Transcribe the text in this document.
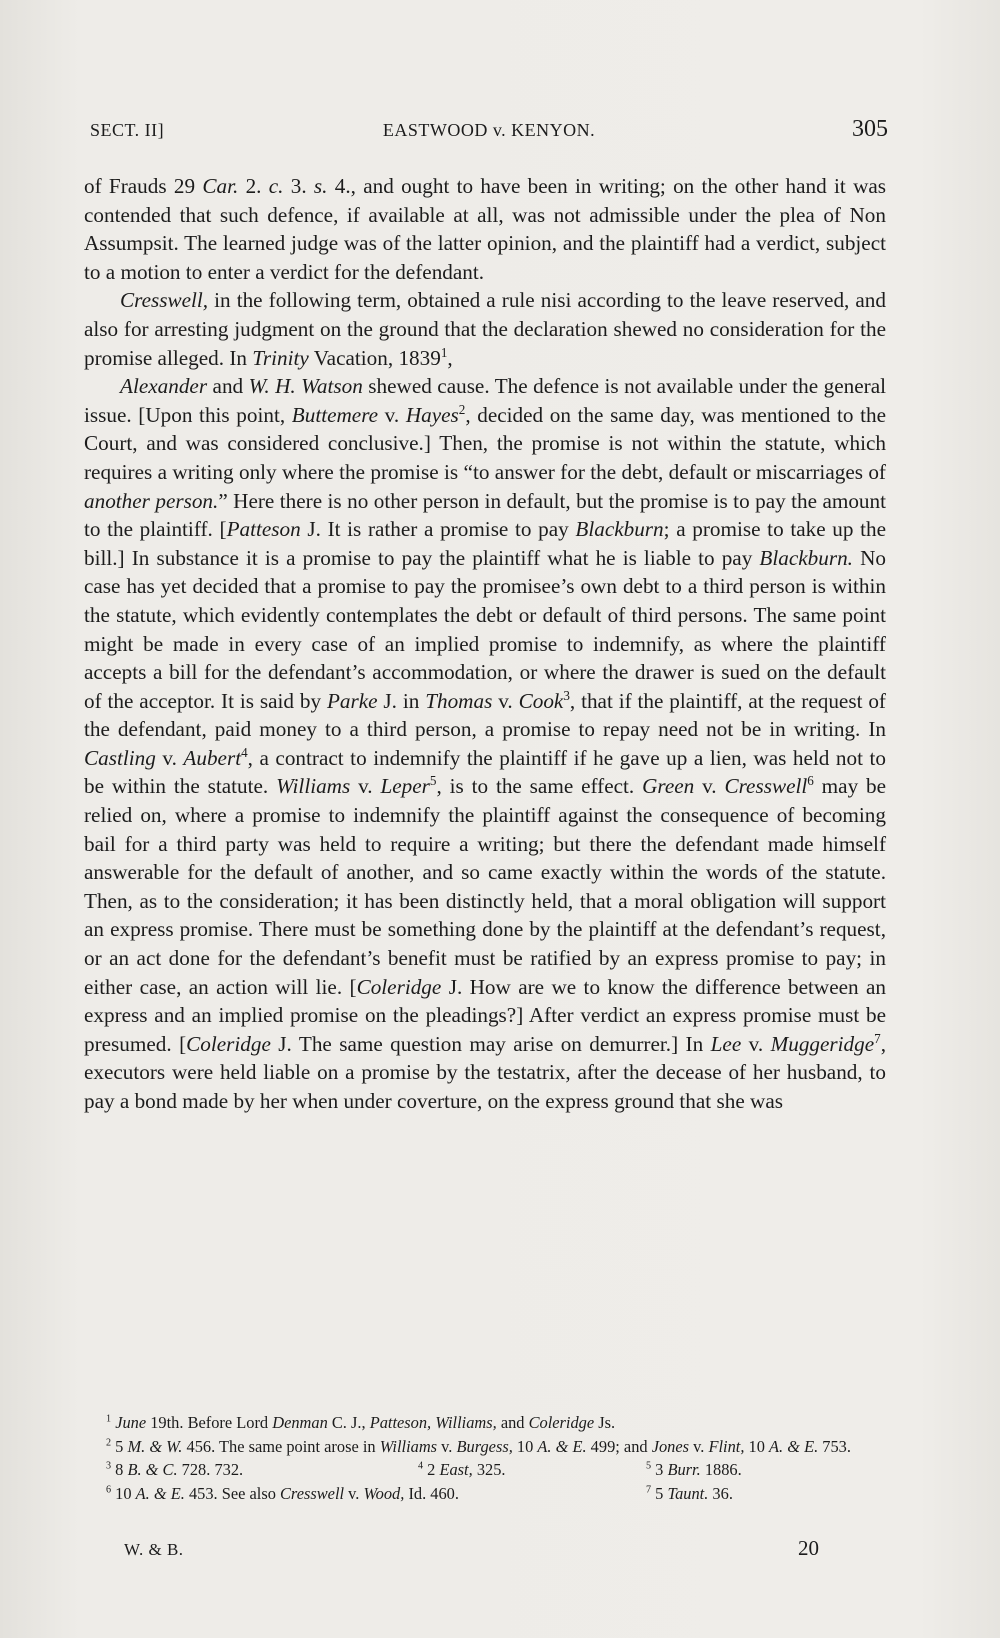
SECT. II]	EASTWOOD v. KENYON.	305

of Frauds 29 Car. 2. c. 3. s. 4., and ought to have been in writing; on the other hand it was contended that such defence, if available at all, was not admissible under the plea of Non Assumpsit. The learned judge was of the latter opinion, and the plaintiff had a verdict, subject to a motion to enter a verdict for the defendant.

Cresswell, in the following term, obtained a rule nisi according to the leave reserved, and also for arresting judgment on the ground that the declaration shewed no consideration for the promise alleged. In Trinity Vacation, 1839$^1$,

Alexander and W. H. Watson shewed cause. The defence is not available under the general issue. [Upon this point, Buttemere v. Hayes$^2$, decided on the same day, was mentioned to the Court, and was considered conclusive.] Then, the promise is not within the statute, which requires a writing only where the promise is “to answer for the debt, default or miscarriages of another person.” Here there is no other person in default, but the promise is to pay the amount to the plaintiff. [Patteson J. It is rather a promise to pay Blackburn; a promise to take up the bill.] In substance it is a promise to pay the plaintiff what he is liable to pay Blackburn. No case has yet decided that a promise to pay the promisee’s own debt to a third person is within the statute, which evidently contemplates the debt or default of third persons. The same point might be made in every case of an implied promise to indemnify, as where the plaintiff accepts a bill for the defendant’s accommodation, or where the drawer is sued on the default of the acceptor. It is said by Parke J. in Thomas v. Cook$^3$, that if the plaintiff, at the request of the defendant, paid money to a third person, a promise to repay need not be in writing. In Castling v. Aubert$^4$, a contract to indemnify the plaintiff if he gave up a lien, was held not to be within the statute. Williams v. Leper$^5$, is to the same effect. Green v. Cresswell$^6$ may be relied on, where a promise to indemnify the plaintiff against the consequence of becoming bail for a third party was held to require a writing; but there the defendant made himself answerable for the default of another, and so came exactly within the words of the statute. Then, as to the consideration; it has been distinctly held, that a moral obligation will support an express promise. There must be something done by the plaintiff at the defendant’s request, or an act done for the defendant’s benefit must be ratified by an express promise to pay; in either case, an action will lie. [Coleridge J. How are we to know the difference between an express and an implied promise on the pleadings?] After verdict an express promise must be presumed. [Coleridge J. The same question may arise on demurrer.] In Lee v. Muggeridge$^7$, executors were held liable on a promise by the testatrix, after the decease of her husband, to pay a bond made by her when under coverture, on the express ground that she was

$^1$ June 19th. Before Lord Denman C. J., Patteson, Williams, and Coleridge Js.
$^2$ 5 M. & W. 456. The same point arose in Williams v. Burgess, 10 A. & E. 499; and Jones v. Flint, 10 A. & E. 753.
$^3$ 8 B. & C. 728. 732.	$^4$ 2 East, 325.	$^5$ 3 Burr. 1886.
$^6$ 10 A. & E. 453. See also Cresswell v. Wood, Id. 460.	$^7$ 5 Taunt. 36.
W. & B.	20
